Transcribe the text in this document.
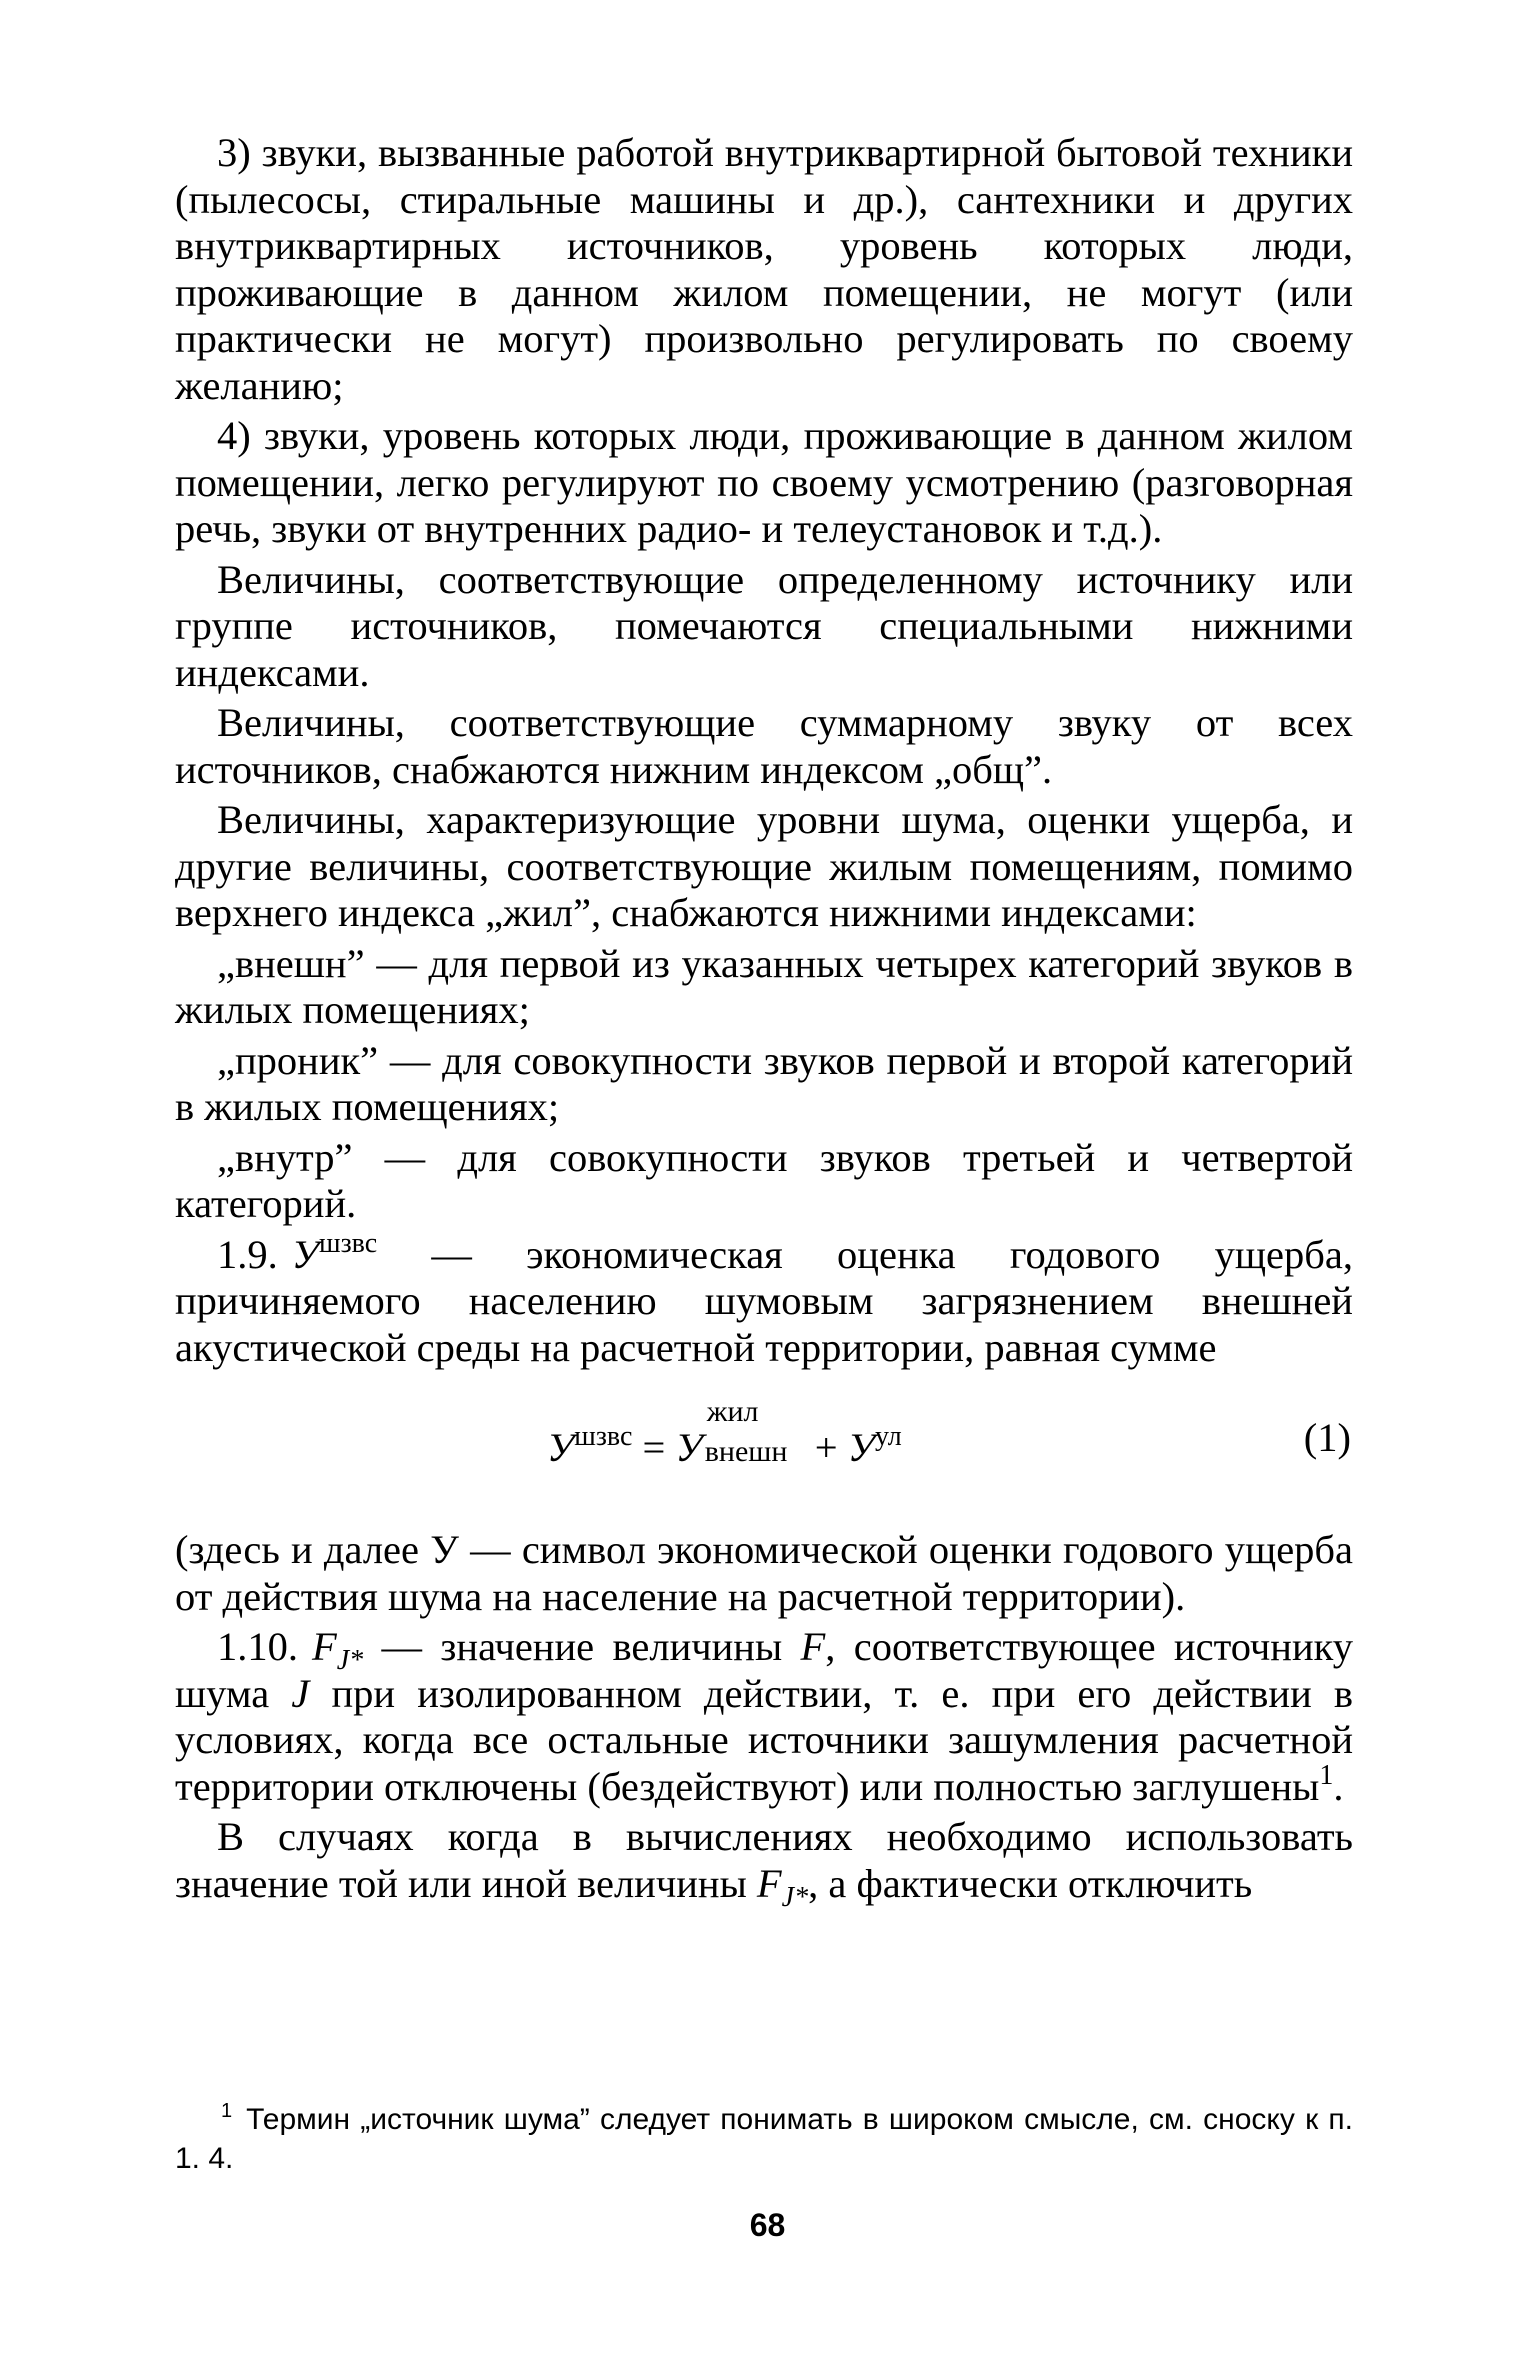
3) звуки, вызванные работой внутриквартирной бытовой техники (пылесосы, стиральные машины и др.), сантехники и других внутриквартирных источников, уровень которых люди, проживающие в данном жилом помещении, не могут (или практически не могут) произвольно регулировать по своему желанию;

4) звуки, уровень которых люди, проживающие в данном жилом помещении, легко регулируют по своему усмотрению (разговорная речь, звуки от внутренних радио- и телеустановок и т.д.).

Величины, соответствующие определенному источнику или группе источников, помечаются специальными нижними индексами.

Величины, соответствующие суммарному звуку от всех источников, снабжаются нижним индексом „общ”.

Величины, характеризующие уровни шума, оценки ущерба, и другие величины, соответствующие жилым помещениям, помимо верхнего индекса „жил”, снабжаются нижними индексами:

„внешн” — для первой из указанных четырех категорий звуков в жилых помещениях;

„проник” — для совокупности звуков первой и второй категорий в жилых помещениях;

„внутр” — для совокупности звуков третьей и четвертой категорий.

1.9. $У^{шзвс}$ — экономическая оценка годового ущерба, причиняемого населению шумовым загрязнением внешней акустической среды на расчетной территории, равная сумме

$У^{шзвс} = У$
жил
внешн + $У^{ул}$	(1)

(здесь и далее У — символ экономической оценки годового ущерба от действия шума на население на расчетной территории).

1.10. $F_{J*}$ — значение величины F, соответствующее источнику шума J при изолированном действии, т. е. при его действии в условиях, когда все остальные источники зашумления расчетной территории отключены (бездействуют) или полностью заглушены$^1$.

В случаях когда в вычислениях необходимо использовать значение той или иной величины $F_{J*}$, а фактически отключить

$^1$ Термин „источник шума” следует понимать в широком смысле, см. сноску к п. 1. 4.
68
